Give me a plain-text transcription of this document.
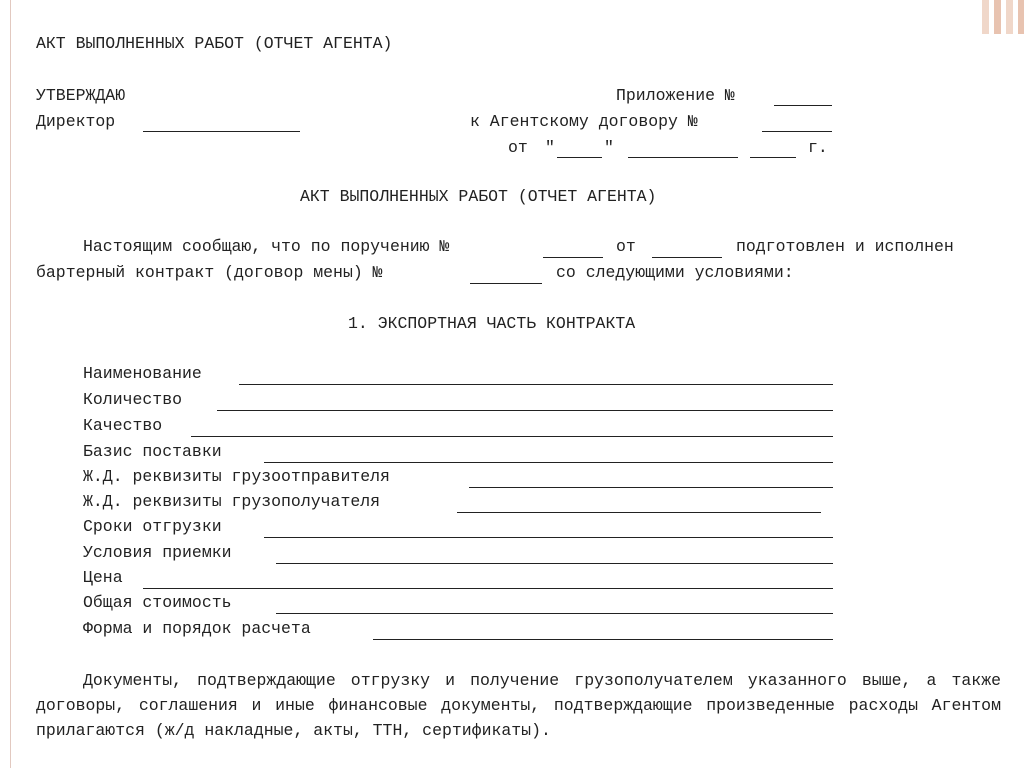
АКТ ВЫПОЛНЕННЫХ РАБОТ (ОТЧЕТ АГЕНТА)
УТВЕРЖДАЮ
Директор
Приложение №
к Агентскому договору №
от "	"	г.
АКТ ВЫПОЛНЕННЫХ РАБОТ (ОТЧЕТ АГЕНТА)
Настоящим сообщаю, что по поручению №	от	подготовлен и исполнен
бартерный контракт (договор мены) №	со следующими условиями:
1. ЭКСПОРТНАЯ ЧАСТЬ КОНТРАКТА
Наименование
Количество
Качество
Базис поставки
Ж.Д. реквизиты грузоотправителя
Ж.Д. реквизиты грузополучателя
Сроки отгрузки
Условия приемки
Цена
Общая стоимость
Форма и порядок расчета
Документы, подтверждающие отгрузку и получение грузополучателем указанного выше, а также договоры, соглашения и иные финансовые документы, подтверждающие произведенные расходы Агентом прилагаются (ж/д накладные, акты, ТТН, сертификаты).
